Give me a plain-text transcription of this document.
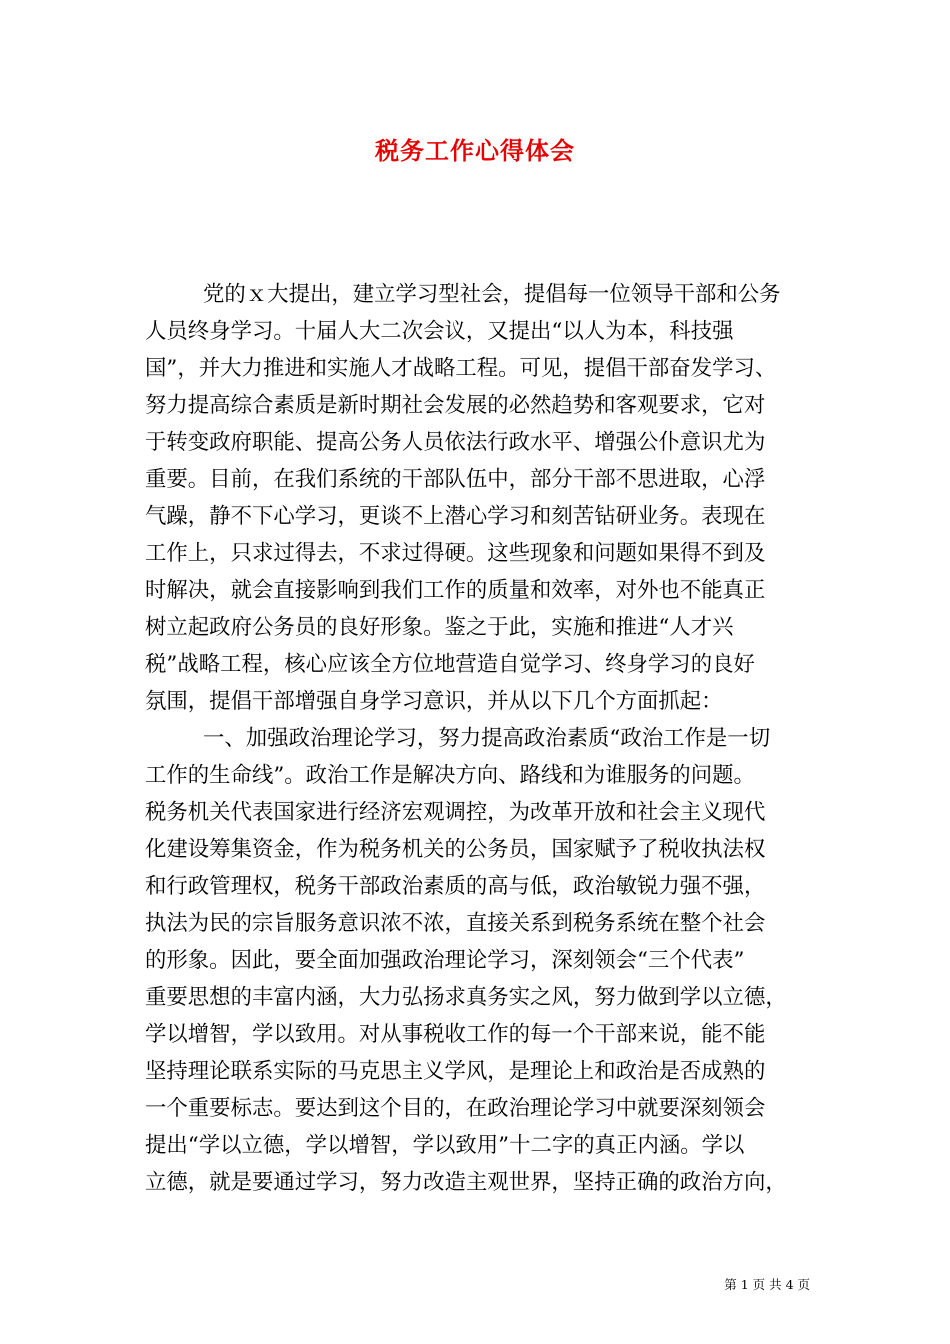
税务工作心得体会
党的ｘ大提出，建立学习型社会，提倡每一位领导干部和公务
人员终身学习。十届人大二次会议，又提出“以人为本，科技强
国”，并大力推进和实施人才战略工程。可见，提倡干部奋发学习、
努力提高综合素质是新时期社会发展的必然趋势和客观要求，它对
于转变政府职能、提高公务人员依法行政水平、增强公仆意识尤为
重要。目前，在我们系统的干部队伍中，部分干部不思进取，心浮
气躁，静不下心学习，更谈不上潜心学习和刻苦钻研业务。表现在
工作上，只求过得去，不求过得硬。这些现象和问题如果得不到及
时解决，就会直接影响到我们工作的质量和效率，对外也不能真正
树立起政府公务员的良好形象。鉴之于此，实施和推进“人才兴
税”战略工程，核心应该全方位地营造自觉学习、终身学习的良好
氛围，提倡干部增强自身学习意识，并从以下几个方面抓起：
一、加强政治理论学习，努力提高政治素质“政治工作是一切
工作的生命线”。政治工作是解决方向、路线和为谁服务的问题。
税务机关代表国家进行经济宏观调控，为改革开放和社会主义现代
化建设筹集资金，作为税务机关的公务员，国家赋予了税收执法权
和行政管理权，税务干部政治素质的高与低，政治敏锐力强不强，
执法为民的宗旨服务意识浓不浓，直接关系到税务系统在整个社会
的形象。因此，要全面加强政治理论学习，深刻领会“三个代表”
重要思想的丰富内涵，大力弘扬求真务实之风，努力做到学以立德，
学以增智，学以致用。对从事税收工作的每一个干部来说，能不能
坚持理论联系实际的马克思主义学风，是理论上和政治是否成熟的
一个重要标志。要达到这个目的，在政治理论学习中就要深刻领会
提出“学以立德，学以增智，学以致用”十二字的真正内涵。学以
立德，就是要通过学习，努力改造主观世界，坚持正确的政治方向，
第 1 页 共 4 页
